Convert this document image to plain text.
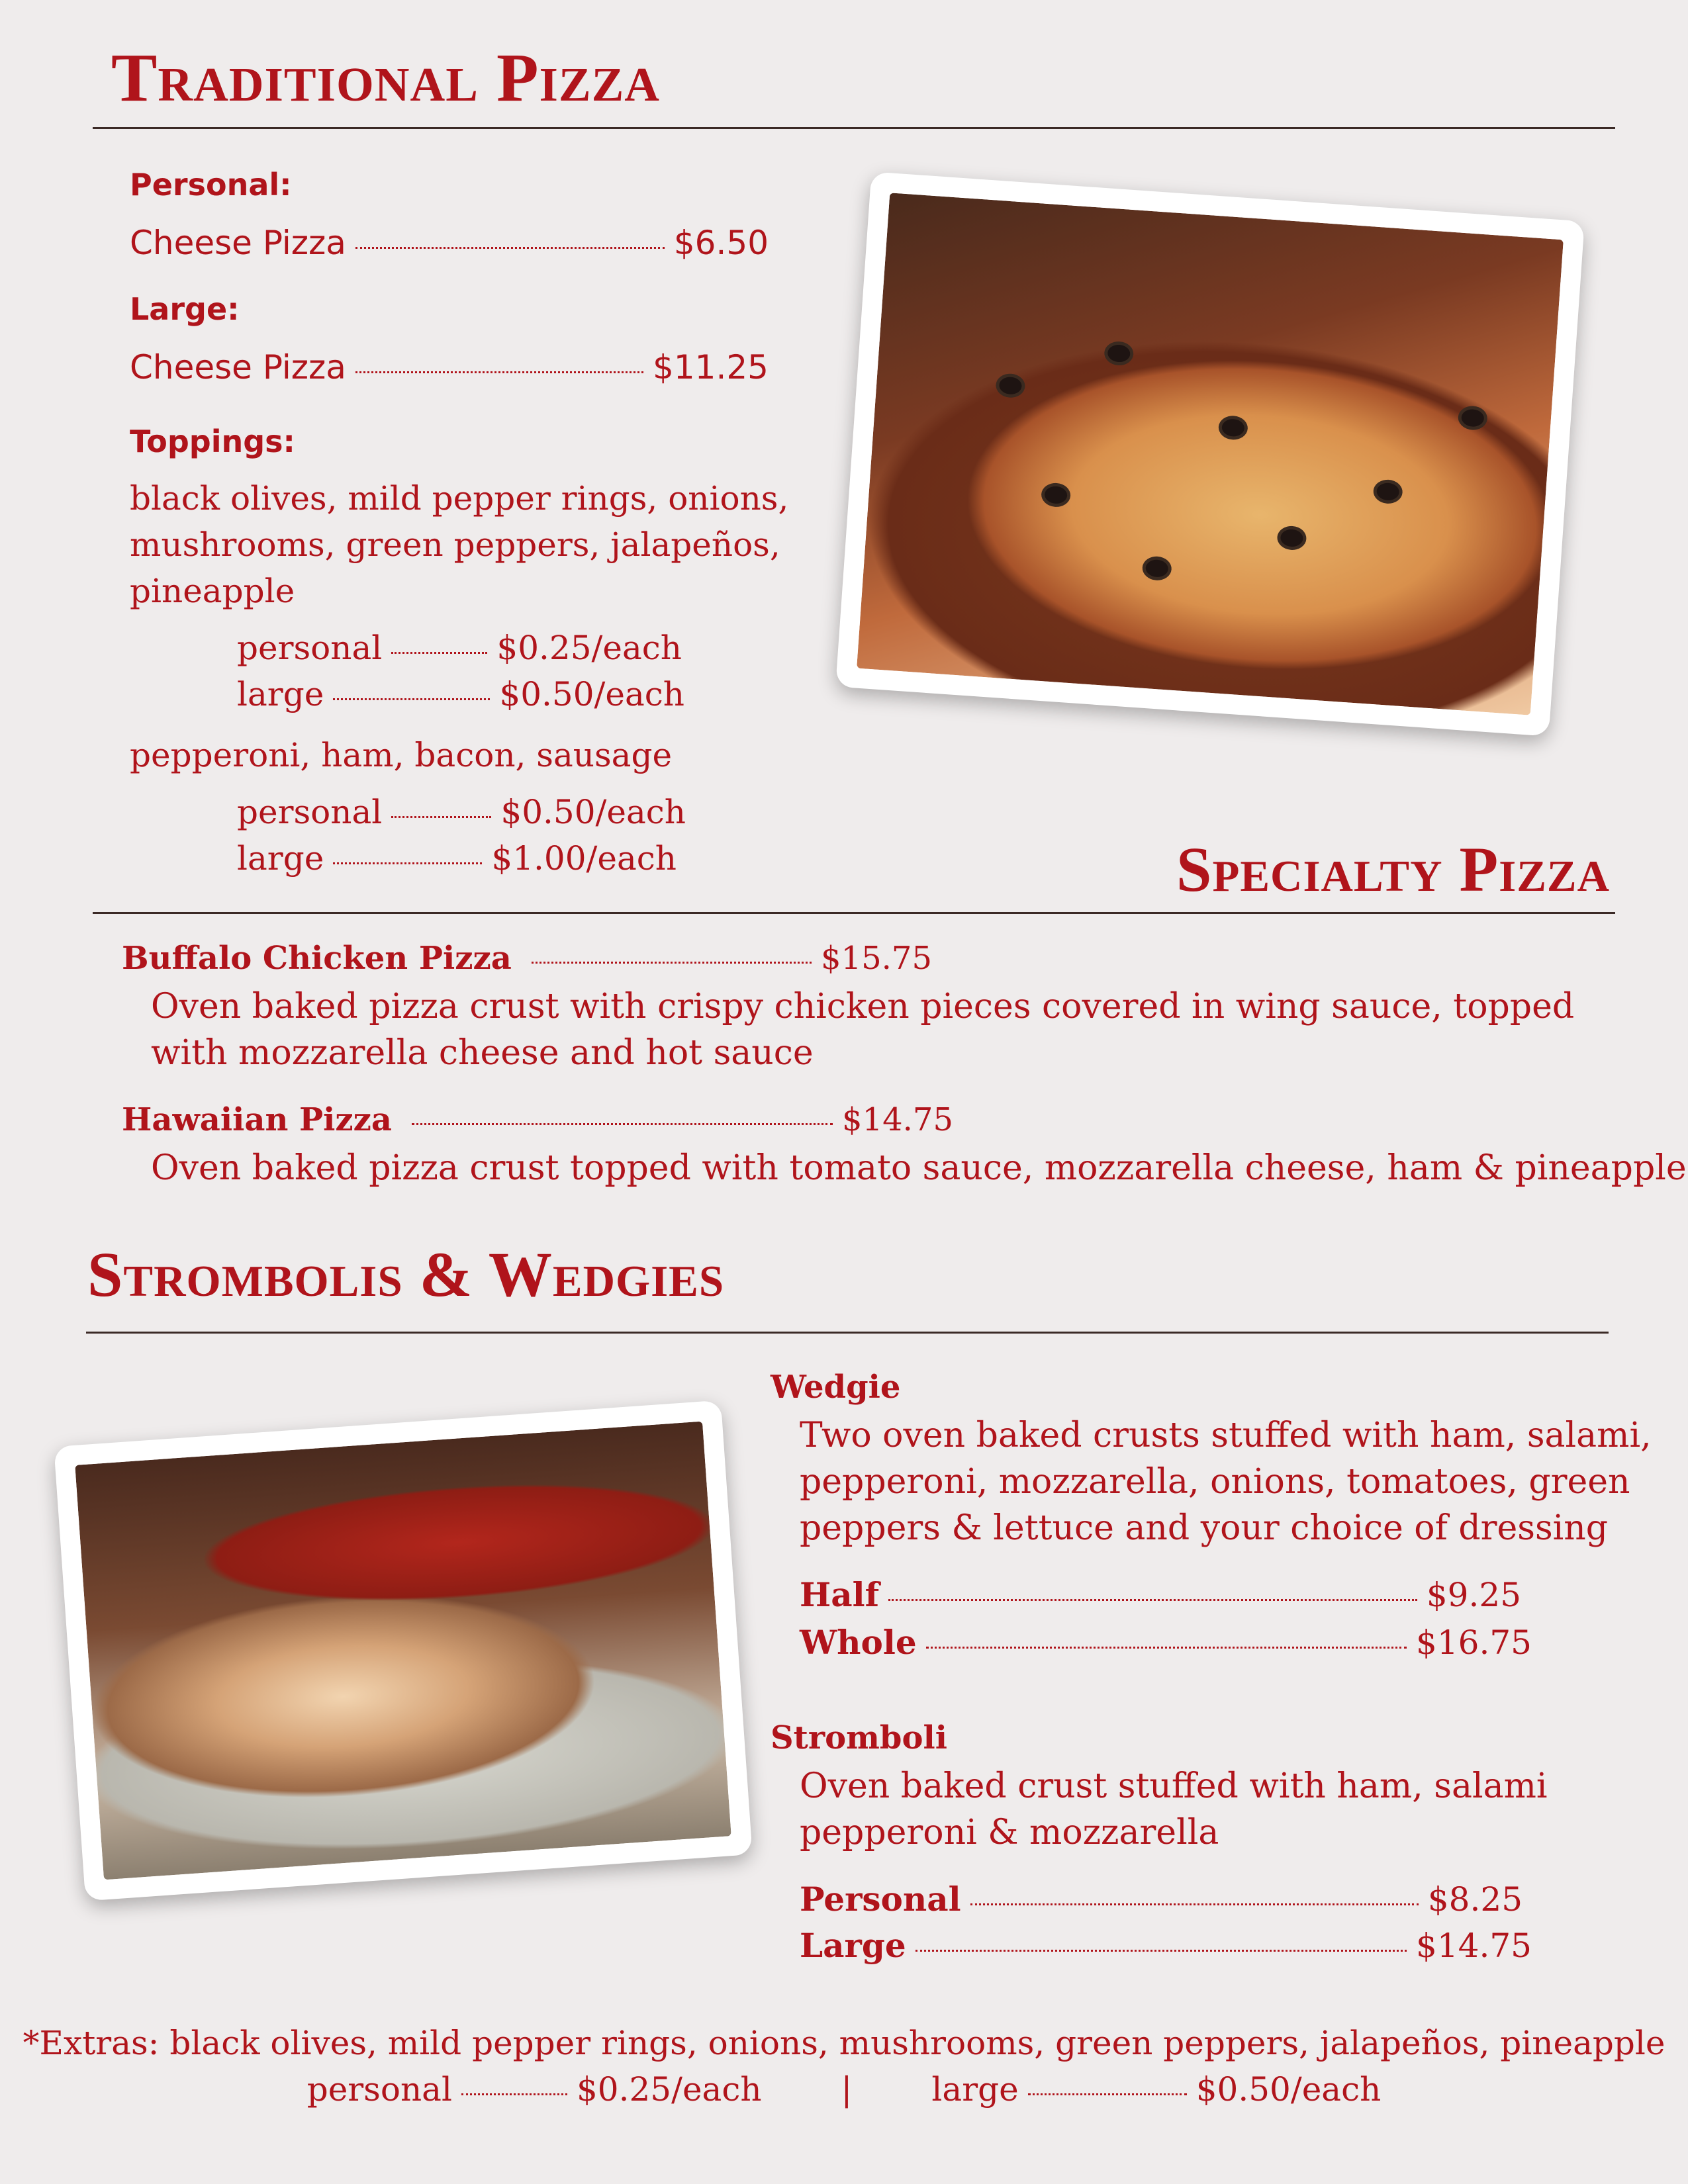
Traditional Pizza
Personal:
Cheese Pizza	$6.50
Large:
Cheese Pizza	$11.25
Toppings:
black olives, mild pepper rings, onions,
mushrooms, green peppers, jalapeños,
pineapple
personal	$0.25/each
large	$0.50/each
pepperoni, ham, bacon, sausage
personal	$0.50/each
large	$1.00/each	Specialty Pizza
Buffalo Chicken Pizza	$15.75
Oven baked pizza crust with crispy chicken pieces covered in wing sauce, topped
with mozzarella cheese and hot sauce
Hawaiian Pizza	$14.75
Oven baked pizza crust topped with tomato sauce, mozzarella cheese, ham & pineapple
Strombolis & Wedgies
Wedgie
Two oven baked crusts stuffed with ham, salami,
pepperoni, mozzarella, onions, tomatoes, green
peppers & lettuce and your choice of dressing
Half	$9.25
Whole	$16.75
Stromboli
Oven baked crust stuffed with ham, salami
pepperoni & mozzarella
Personal	$8.25
Large	$14.75
*Extras: black olives, mild pepper rings, onions, mushrooms, green peppers, jalapeños, pineapple
personal	$0.25/each | large	$0.50/each
